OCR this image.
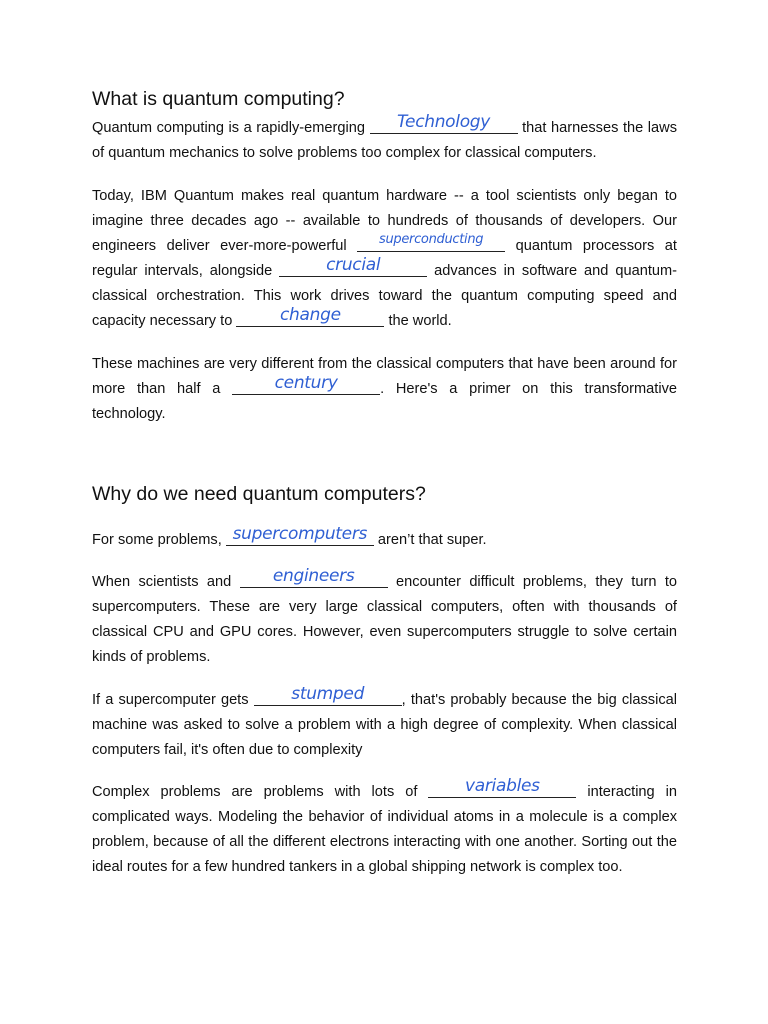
What is quantum computing?

Quantum computing is a rapidly-emerging	Technology	that harnesses the laws of quantum mechanics to solve problems too complex for classical computers.

Today, IBM Quantum makes real quantum hardware -- a tool scientists only began to imagine three decades ago -- available to hundreds of thousands of developers. Our engineers deliver ever-more-powerful	superconducting	quantum processors at regular intervals, alongside	crucial	advances in software and quantum-classical orchestration. This work drives toward the quantum computing speed and capacity necessary to	change	the world.

These machines are very different from the classical computers that have been around for more than half a	century	. Here's a primer on this transformative technology.

Why do we need quantum computers?

For some problems, supercomputers aren’t that super.

When scientists and	engineers	encounter difficult problems, they turn to supercomputers. These are very large classical computers, often with thousands of classical CPU and GPU cores. However, even supercomputers struggle to solve certain kinds of problems.

If a supercomputer gets	stumped	, that's probably because the big classical machine was asked to solve a problem with a high degree of complexity. When classical computers fail, it's often due to complexity

Complex problems are problems with lots of	variables	interacting in complicated ways. Modeling the behavior of individual atoms in a molecule is a complex problem, because of all the different electrons interacting with one another. Sorting out the ideal routes for a few hundred tankers in a global shipping network is complex too.
